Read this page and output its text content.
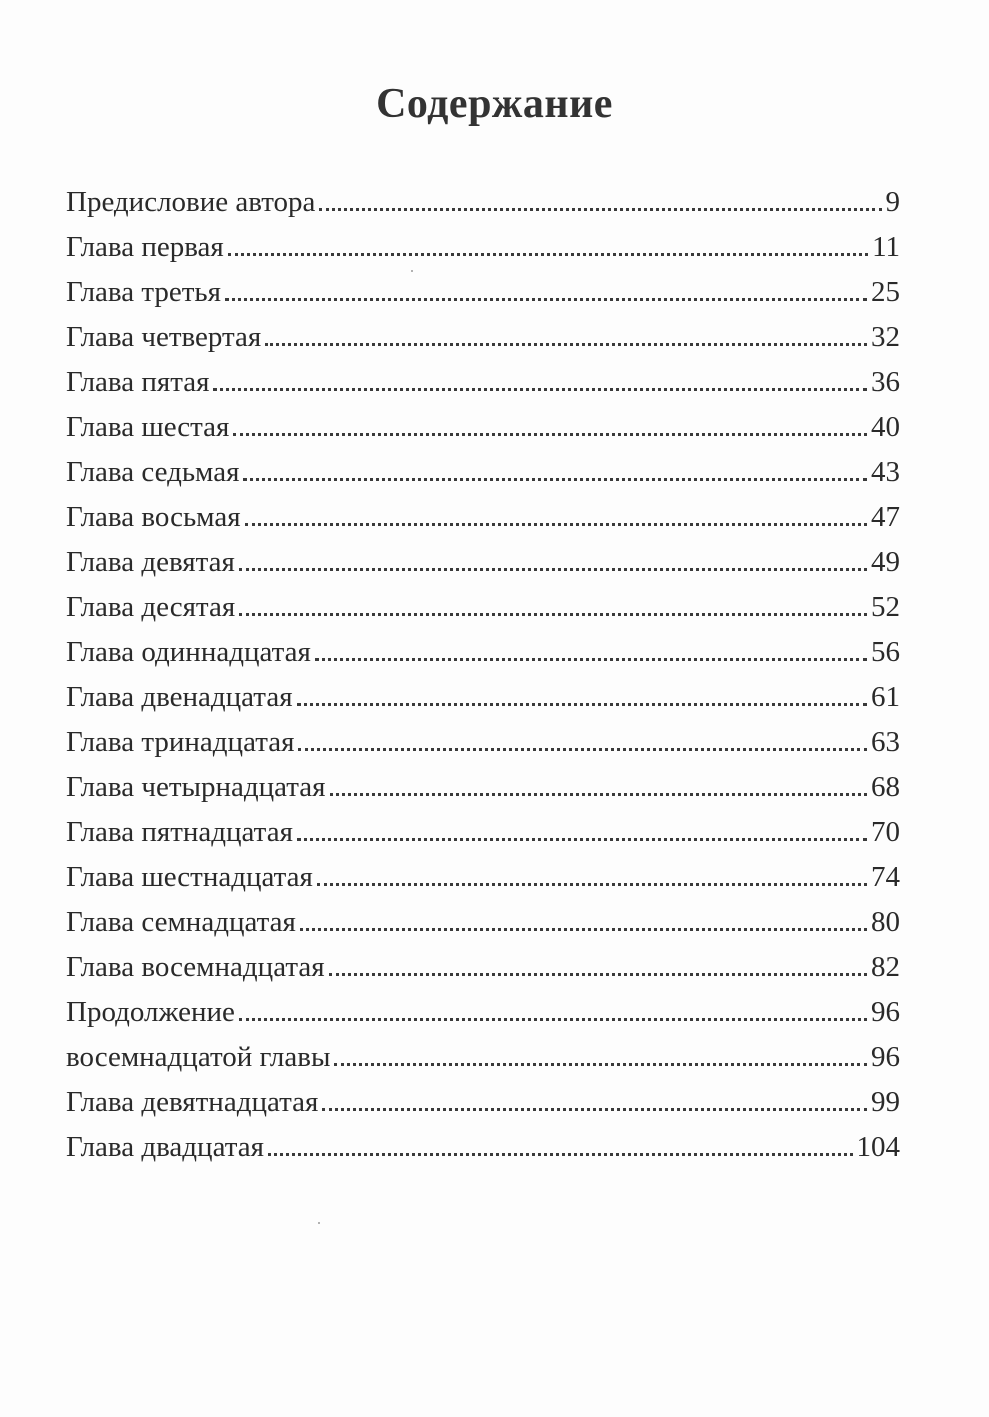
Содержание
Предисловие автора	9
Глава первая	11
Глава третья	25
Глава четвертая	32
Глава пятая	36
Глава шестая	40
Глава седьмая	43
Глава восьмая	47
Глава девятая	49
Глава десятая	52
Глава одиннадцатая	56
Глава двенадцатая	61
Глава тринадцатая	63
Глава четырнадцатая	68
Глава пятнадцатая	70
Глава шестнадцатая	74
Глава семнадцатая	80
Глава восемнадцатая	82
Продолжение	96
восемнадцатой главы	96
Глава девятнадцатая	99
Глава двадцатая	104
